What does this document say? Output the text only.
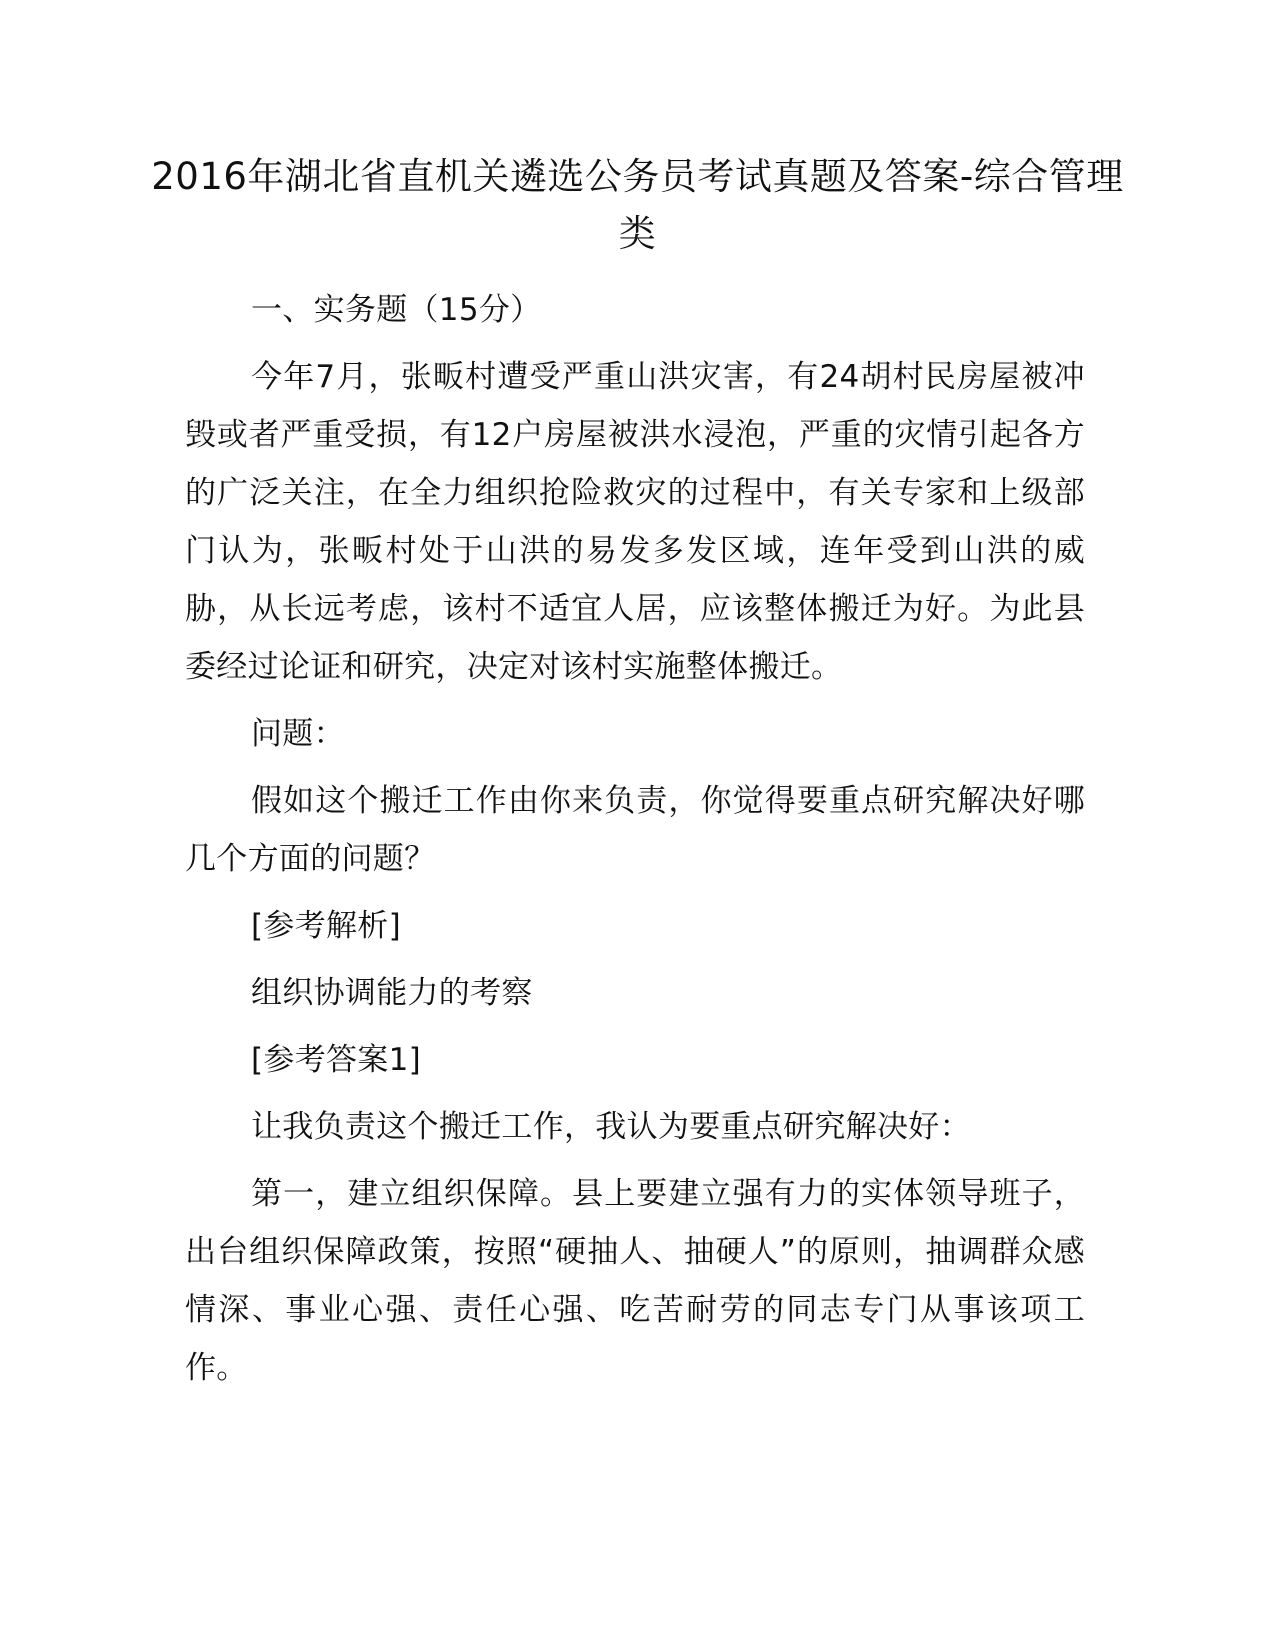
2016年湖北省直机关遴选公务员考试真题及答案-综合管理类

一、实务题（15分）

今年7月，张畈村遭受严重山洪灾害，有24胡村民房屋被冲毁或者严重受损，有12户房屋被洪水浸泡，严重的灾情引起各方的广泛关注，在全力组织抢险救灾的过程中，有关专家和上级部门认为，张畈村处于山洪的易发多发区域，连年受到山洪的威胁，从长远考虑，该村不适宜人居，应该整体搬迁为好。为此县委经过论证和研究，决定对该村实施整体搬迁。

问题：

假如这个搬迁工作由你来负责，你觉得要重点研究解决好哪几个方面的问题？

[参考解析]

组织协调能力的考察

[参考答案1]

让我负责这个搬迁工作，我认为要重点研究解决好：

第一，建立组织保障。县上要建立强有力的实体领导班子，出台组织保障政策，按照“硬抽人、抽硬人”的原则，抽调群众感情深、事业心强、责任心强、吃苦耐劳的同志专门从事该项工作。
